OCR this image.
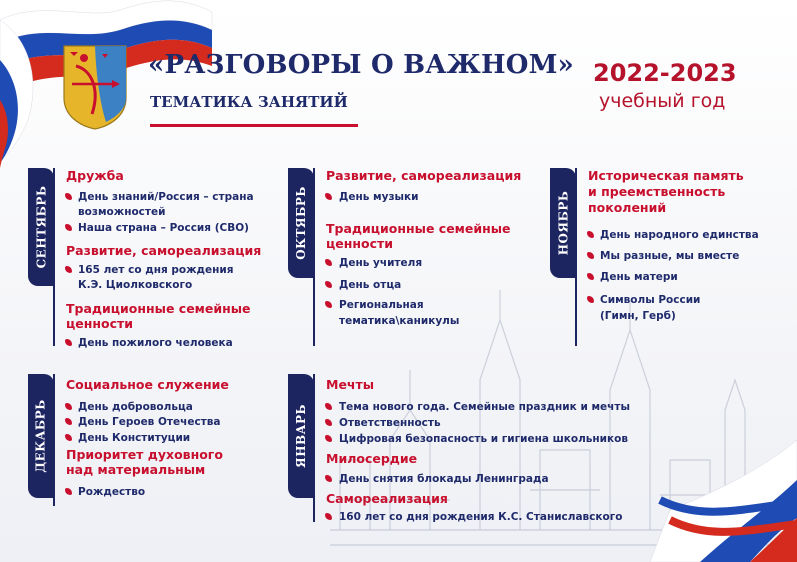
«РАЗГОВОРЫ О ВАЖНОМ»
ТЕМАТИКА ЗАНЯТИЙ
2022-2023
учебный год
СЕНТЯБРЬ
Дружба
День знаний/Россия – страна
возможностей
Наша страна – Россия (СВО)
Развитие, самореализация
165 лет со дня рождения
К.Э. Циолковского
Традиционные семейные
ценности
День пожилого человека
ОКТЯБРЬ
Развитие, самореализация
День музыки
Традиционные семейные
ценности
День учителя
День отца
Региональная
тематика\каникулы
НОЯБРЬ
Историческая память
и преемственность
поколений
День народного единства
Мы разные, мы вместе
День матери
Символы России
(Гимн, Герб)
ДЕКАБРЬ
Социальное служение
День добровольца
День Героев Отечества
День Конституции
Приоритет духовного
над материальным
Рождество
ЯНВАРЬ
Мечты
Тема нового года. Семейные праздник и мечты
Ответственность
Цифровая безопасность и гигиена школьников
Милосердие
День снятия блокады Ленинграда
Самореализация
160 лет со дня рождения К.С. Станиславского
